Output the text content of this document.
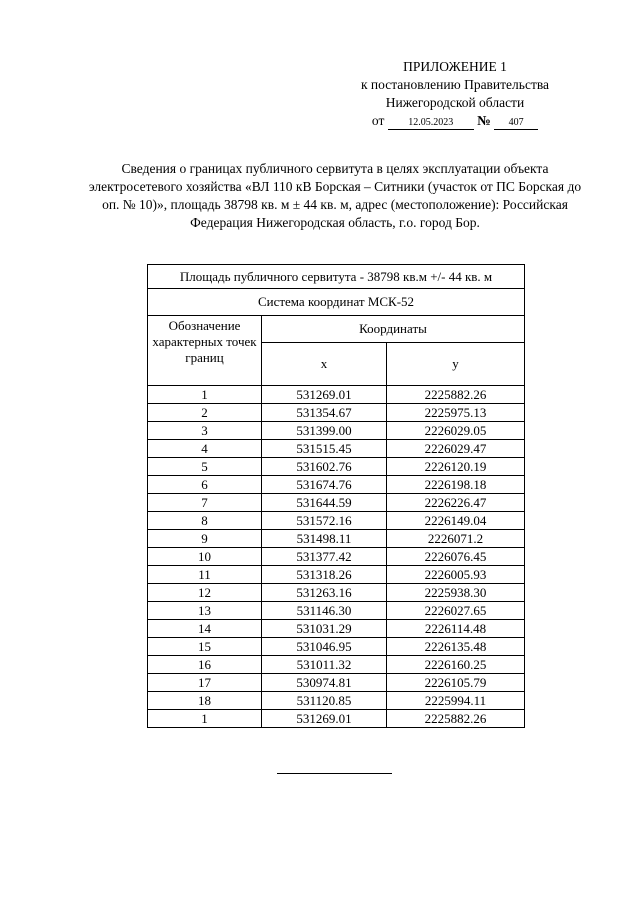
ПРИЛОЖЕНИЕ 1
к постановлению Правительства
Нижегородской области
от 12.05.2023 № 407
Сведения о границах публичного сервитута в целях эксплуатации объекта электросетевого хозяйства «ВЛ 110 кВ Борская – Ситники (участок от ПС Борская до оп. № 10)», площадь 38798 кв. м ± 44 кв. м, адрес (местоположение): Российская Федерация Нижегородская область, г.о. город Бор.
Площадь публичного сервитута - 38798 кв.м +/- 44 кв. м		
Система координат МСК-52		
Обозначение характерных точек границ	Координаты	
	x	y
1	531269.01	2225882.26
2	531354.67	2225975.13
3	531399.00	2226029.05
4	531515.45	2226029.47
5	531602.76	2226120.19
6	531674.76	2226198.18
7	531644.59	2226226.47
8	531572.16	2226149.04
9	531498.11	2226071.2
10	531377.42	2226076.45
11	531318.26	2226005.93
12	531263.16	2225938.30
13	531146.30	2226027.65
14	531031.29	2226114.48
15	531046.95	2226135.48
16	531011.32	2226160.25
17	530974.81	2226105.79
18	531120.85	2225994.11
1	531269.01	2225882.26
